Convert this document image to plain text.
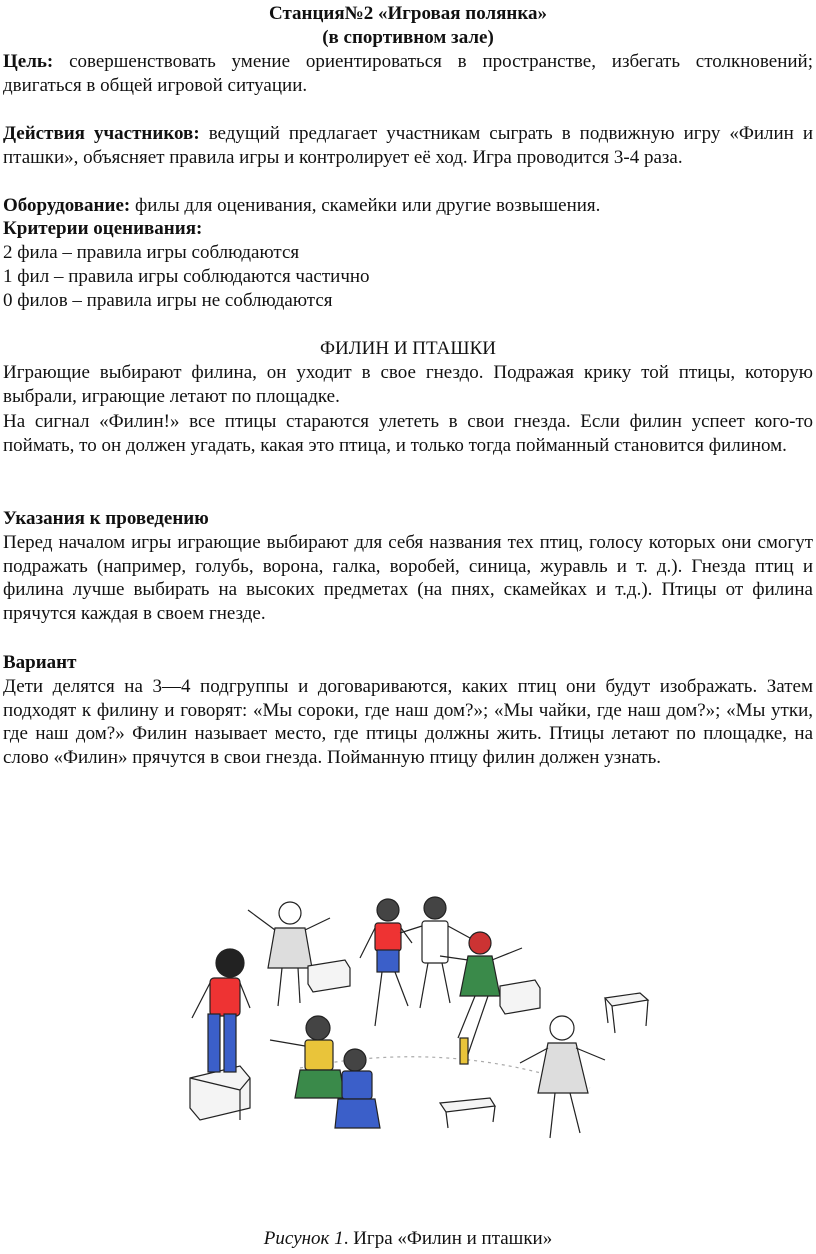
Станция№2 «Игровая полянка»
(в спортивном зале)
Цель: совершенствовать умение ориентироваться в пространстве, избегать столкновений; двигаться в общей игровой ситуации.
Действия участников: ведущий предлагает участникам сыграть в подвижную игру «Филин и пташки», объясняет правила игры и контролирует её ход. Игра проводится 3-4 раза.
Оборудование: филы для оценивания, скамейки или другие возвышения.
Критерии оценивания:
2 фила – правила игры соблюдаются
1 фил – правила игры соблюдаются частично
0 филов – правила игры не соблюдаются
ФИЛИН И ПТАШКИ
Играющие выбирают филина, он уходит в свое гнездо. Подражая крику той птицы, которую выбрали, играющие летают по площадке.
На сигнал «Филин!» все птицы стараются улететь в свои гнезда. Если филин успеет кого-то поймать, то он должен угадать, какая это птица, и только тогда пойманный становится филином.
Указания к проведению
Перед началом игры играющие выбирают для себя названия тех птиц, голосу которых они смогут подражать (например, голубь, ворона, галка, воробей, синица, журавль и т. д.). Гнезда птиц и филина лучше выбирать на высоких предметах (на пнях, скамейках и т.д.). Птицы от филина прячутся каждая в своем гнезде.
Вариант
Дети делятся на 3—4 подгруппы и договариваются, каких птиц они будут изображать. Затем подходят к филину и говорят: «Мы сороки, где наш дом?»; «Мы чайки, где наш дом?»; «Мы утки, где наш дом?» Филин называет место, где птицы должны жить. Птицы летают по площадке, на слово «Филин» прячутся в свои гнезда. Пойманную птицу филин должен узнать.
Рисунок 1. Игра «Филин и пташки»
